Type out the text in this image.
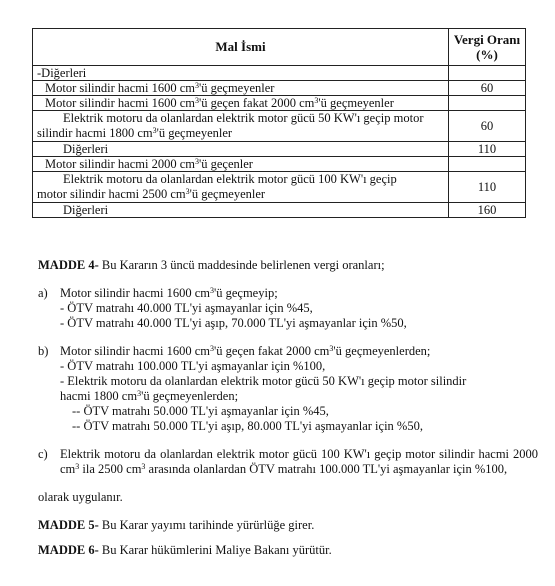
Mal İsmi	Vergi Oranı
(%)
-Diğerleri	
Motor silindir hacmi 1600 $cm^3'ü$ geçmeyenler	60
Motor silindir hacmi 1600 $cm^3'ü$ geçen fakat 2000 $cm^3'ü$ geçmeyenler	

Elektrik motoru da olanlardan elektrik motor gücü 50 KW'ı geçip motor
silindir hacmi 1800 $cm^3'ü$ geçmeyenler	60
Diğerleri	110
Motor silindir hacmi 2000 $cm^3'ü$ geçenler	

Elektrik motoru da olanlardan elektrik motor gücü 100 KW'ı geçip
motor silindir hacmi 2500 $cm^3'ü$ geçmeyenler	110
Diğerleri	160

MADDE 4- Bu Kararın 3 üncü maddesinde belirlenen vergi oranları;

a) Motor silindir hacmi 1600 $cm^3'ü$ geçmeyip;
- ÖTV matrahı 40.000 TL'yi aşmayanlar için %45,
- ÖTV matrahı 40.000 TL'yi aşıp, 70.000 TL'yi aşmayanlar için %50,
b) Motor silindir hacmi 1600 $cm^3'ü$ geçen fakat 2000 $cm^3'ü$ geçmeyenlerden;
- ÖTV matrahı 100.000 TL'yi aşmayanlar için %100,
- Elektrik motoru da olanlardan elektrik motor gücü 50 KW'ı geçip motor silindir
hacmi 1800 $cm^3'ü$ geçmeyenlerden;
-- ÖTV matrahı 50.000 TL'yi aşmayanlar için %45,
-- ÖTV matrahı 50.000 TL'yi aşıp, 80.000 TL'yi aşmayanlar için %50,
c) Elektrik motoru da olanlardan elektrik motor gücü 100 KW'ı geçip motor silindir hacmi 2000 $cm^3$ ila 2500 $cm^3$ arasında olanlardan ÖTV matrahı 100.000 TL'yi aşmayanlar için %100,

olarak uygulanır.

MADDE 5- Bu Karar yayımı tarihinde yürürlüğe girer.

MADDE 6- Bu Karar hükümlerini Maliye Bakanı yürütür.
